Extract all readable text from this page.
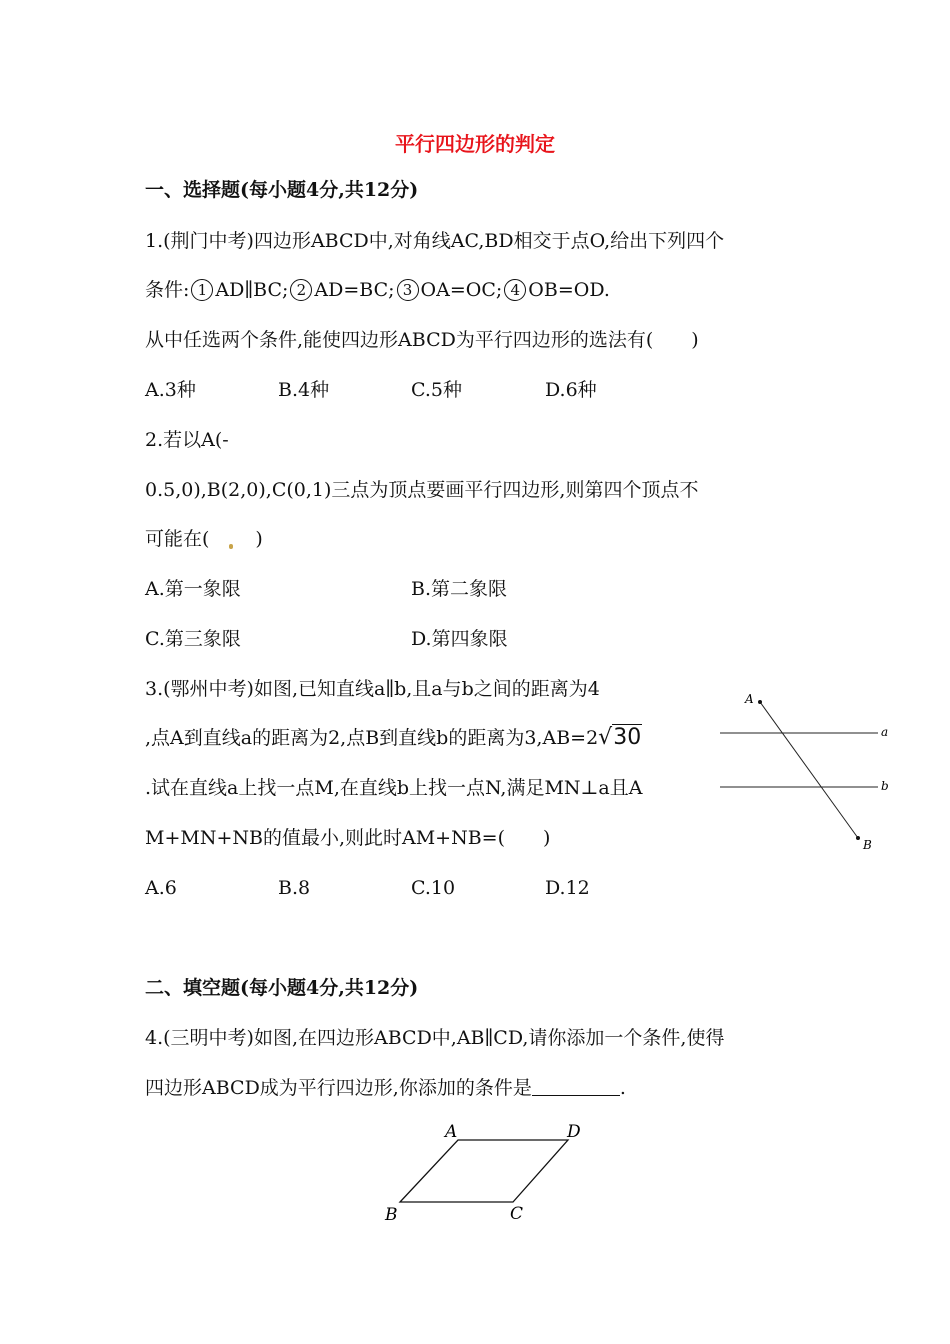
平行四边形的判定
一、选择题(每小题4分,共12分)
1.(荆门中考)四边形ABCD中,对角线AC,BD相交于点O,给出下列四个
条件: 1 AD∥BC; 2 AD=BC; 3 OA=OC; 4 OB=OD.
从中任选两个条件,能使四边形ABCD为平行四边形的选法有(　　)
A.3种	B.4种	C.5种	D.6种
2.若以A(-
0.5,0),B(2,0),C(0,1)三点为顶点要画平行四边形,则第四个顶点不
可能在( )
A.第一象限	B.第二象限
C.第三象限	D.第四象限
3.(鄂州中考)如图,已知直线a∥b,且a与b之间的距离为4
,点A到直线a的距离为2,点B到直线b的距离为3,AB=2√30
.试在直线a上找一点M,在直线b上找一点N,满足MN⊥a且A
M+MN+NB的值最小,则此时AM+NB=(　　)
A.6	B.8	C.10	D.12
A
B
a
b
二、填空题(每小题4分,共12分)
4.(三明中考)如图,在四边形ABCD中,AB∥CD,请你添加一个条件,使得
四边形ABCD成为平行四边形,你添加的条件是	.
A	D
B	C
